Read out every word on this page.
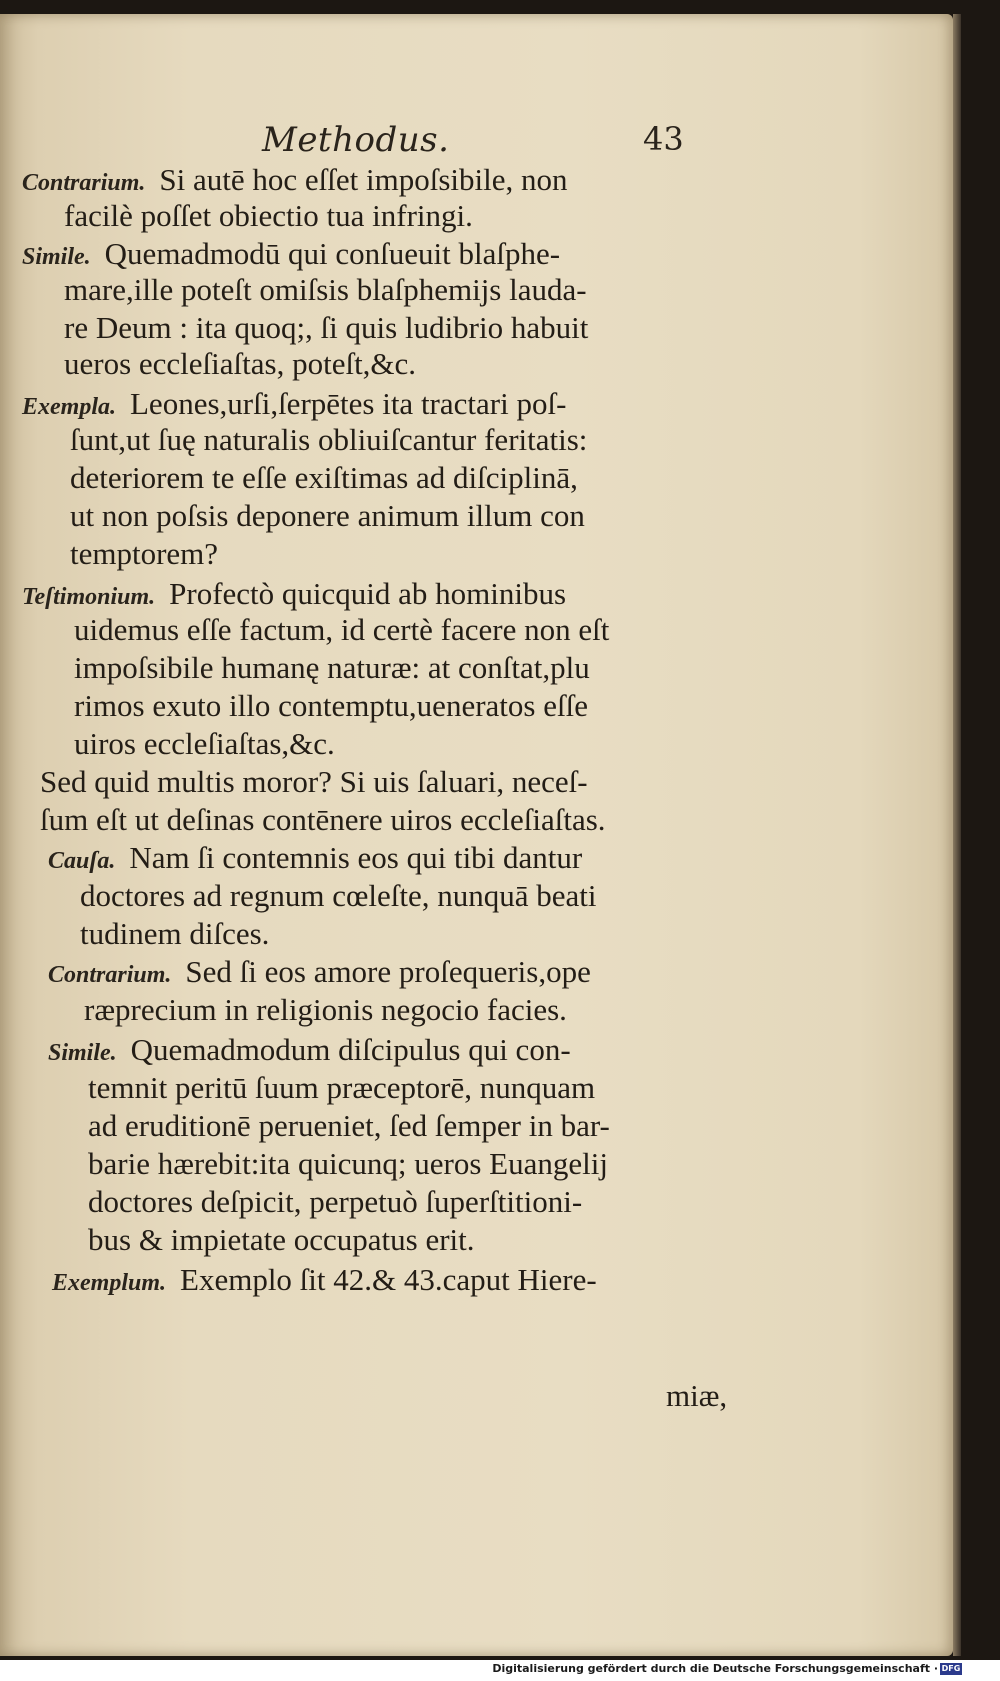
Methodus.	43
Contrarium. Si autē hoc eſſet impoſsibile, non
facilè poſſet obiectio tua infringi.
Simile. Quemadmodū qui conſueuit blaſphe-
mare,ille poteſt omiſsis blaſphemijs lauda-
re Deum : ita quoq;, ſi quis ludibrio habuit
ueros eccleſiaſtas, poteſt,&c.
Exempla. Leones,urſi,ſerpētes ita tractari poſ-
ſunt,ut ſuę naturalis obliuiſcantur feritatis:
deteriorem te eſſe exiſtimas ad diſciplinā,
ut non poſsis deponere animum illum con
temptorem?
Teſtimonium. Profectò quicquid ab hominibus
uidemus eſſe factum, id certè facere non eſt
impoſsibile humanę naturæ: at conſtat,plu
rimos exuto illo contemptu,ueneratos eſſe
uiros eccleſiaſtas,&c.
Sed quid multis moror? Si uis ſaluari, neceſ-
ſum eſt ut deſinas contēnere uiros eccleſiaſtas.
Cauſa. Nam ſi contemnis eos qui tibi dantur
doctores ad regnum cœleſte, nunquā beati
tudinem diſces.
Contrarium. Sed ſi eos amore proſequeris,ope
ræprecium in religionis negocio facies.
Simile. Quemadmodum diſcipulus qui con-
temnit peritū ſuum præceptorē, nunquam
ad eruditionē perueniet, ſed ſemper in bar-
barie hærebit:ita quicunq; ueros Euangelij
doctores deſpicit, perpetuò ſuperſtitioni-
bus & impietate occupatus erit.
Exemplum. Exemplo ſit 42.& 43.caput Hiere-
miæ,
Digitalisierung gefördert durch die Deutsche Forschungsgemeinschaft · DFG
